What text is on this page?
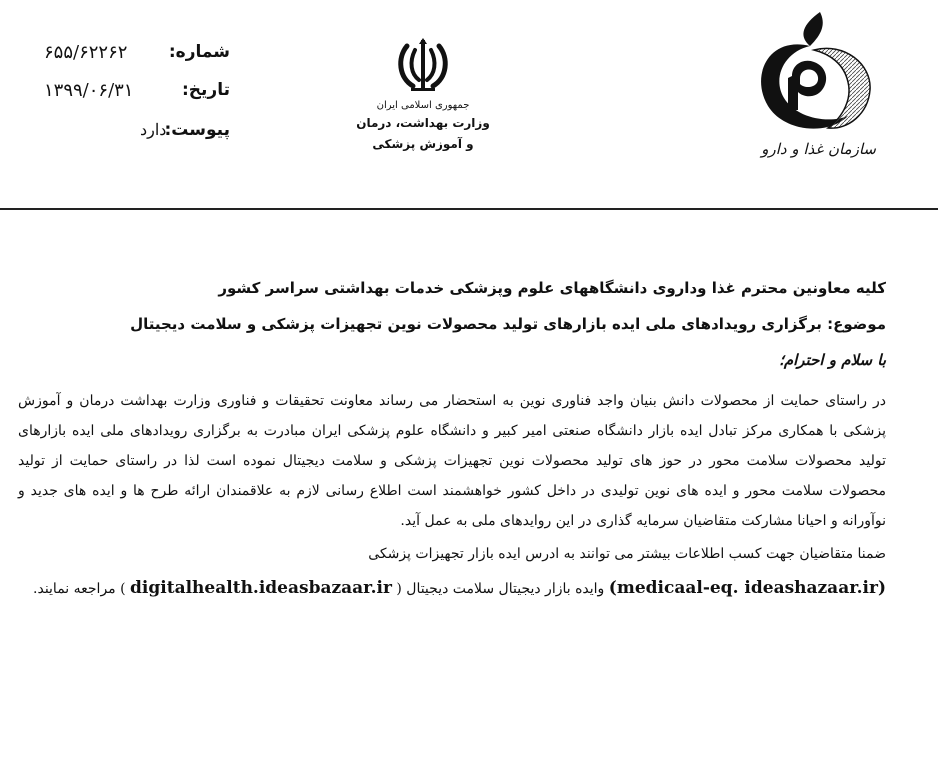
سازمان غذا و دارو
جمهوری اسلامی ایران
وزارت بهداشت، درمان
و آموزش پزشکی
شماره:
۶۵۵/۶۲۲۶۲
تاریخ:
۱۳۹۹/۰۶/۳۱
پیوست:
دارد
کلیه معاونین محترم غذا وداروی دانشگاههای علوم وپزشکی خدمات بهداشتی سراسر کشور
موضوع: برگزاری رویدادهای ملی ایده بازارهای تولید محصولات نوین تجهیزات پزشکی و سلامت دیجیتال
با سلام و احترام؛
در راستای حمایت از محصولات دانش بنیان واجد فناوری نوین به استحضار می رساند معاونت تحقیقات و فناوری وزارت بهداشت درمان و آموزش پزشکی با همکاری مرکز تبادل ایده بازار دانشگاه صنعتی امیر کبیر و دانشگاه علوم پزشکی ایران مبادرت به برگزاری رویدادهای ملی ایده بازارهای تولید محصولات سلامت محور در حوز های تولید محصولات نوین تجهیزات پزشکی و سلامت دیجیتال نموده است لذا در راستای حمایت از تولید محصولات سلامت محور و ایده های نوین تولیدی در داخل کشور خواهشمند است اطلاع رسانی لازم به علاقمندان ارائه طرح ها و ایده های جدید و نوآورانه و احیانا مشارکت متقاضیان سرمایه گذاری در این روایدهای ملی به عمل آید.
ضمنا متقاضیان جهت کسب اطلاعات بیشتر می توانند به ادرس ایده بازار تجهیزات پزشکی
(medicaal-eq. ideashazaar.ir) وایده بازار دیجیتال سلامت دیجیتال ( digitalhealth.ideasbazaar.ir ) مراجعه نمایند.
